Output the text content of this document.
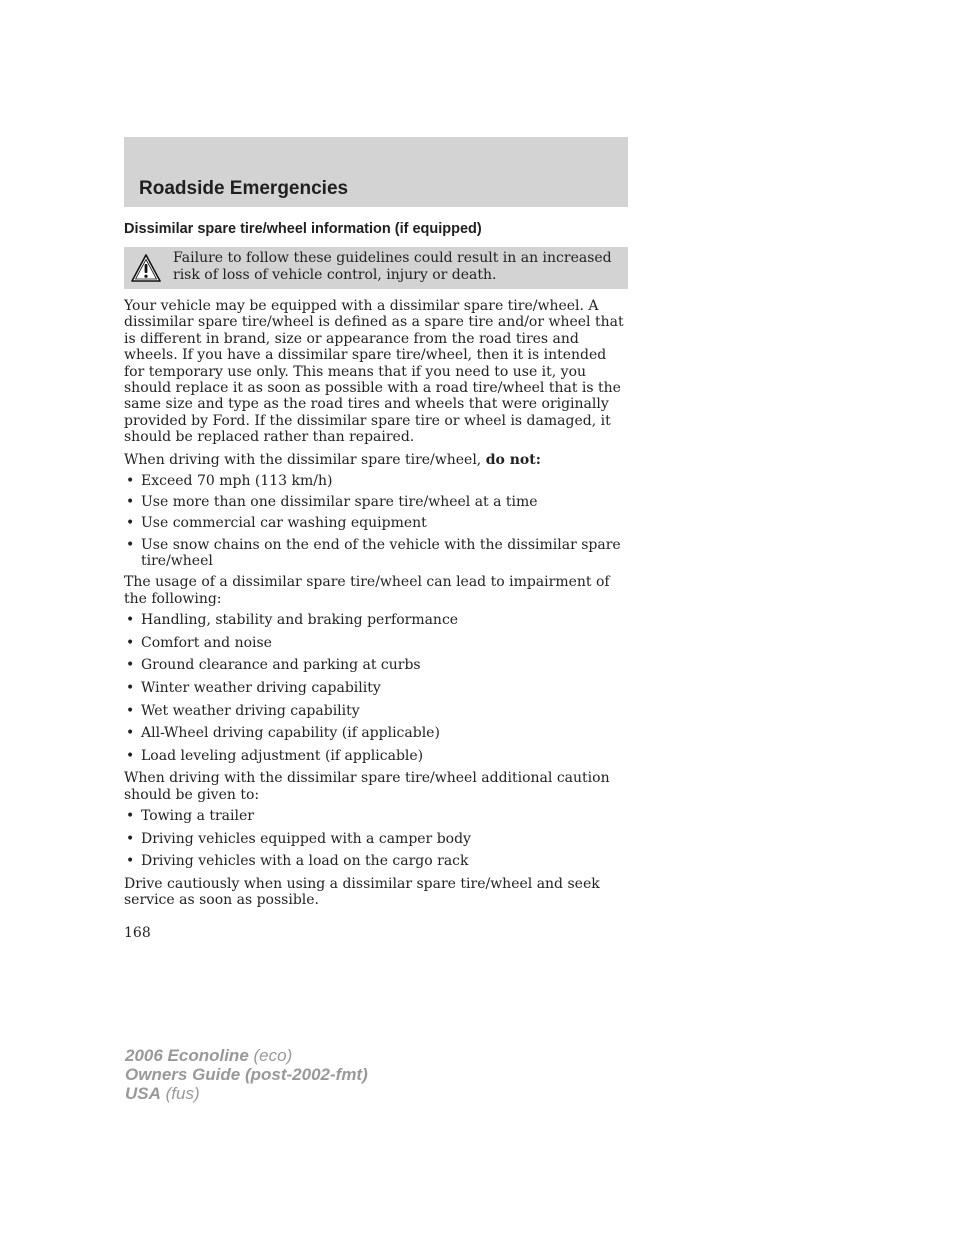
Roadside Emergencies
Dissimilar spare tire/wheel information (if equipped)
Failure to follow these guidelines could result in an increased
risk of loss of vehicle control, injury or death.

Your vehicle may be equipped with a dissimilar spare tire/wheel. A dissimilar spare tire/wheel is defined as a spare tire and/or wheel that is different in brand, size or appearance from the road tires and wheels. If you have a dissimilar spare tire/wheel, then it is intended for temporary use only. This means that if you need to use it, you should replace it as soon as possible with a road tire/wheel that is the same size and type as the road tires and wheels that were originally provided by Ford. If the dissimilar spare tire or wheel is damaged, it should be replaced rather than repaired.

When driving with the dissimilar spare tire/wheel, do not:

• Exceed 70 mph (113 km/h)
• Use more than one dissimilar spare tire/wheel at a time
• Use commercial car washing equipment
• Use snow chains on the end of the vehicle with the dissimilar spare tire/wheel

The usage of a dissimilar spare tire/wheel can lead to impairment of the following:

• Handling, stability and braking performance
• Comfort and noise
• Ground clearance and parking at curbs
• Winter weather driving capability
• Wet weather driving capability
• All-Wheel driving capability (if applicable)
• Load leveling adjustment (if applicable)

When driving with the dissimilar spare tire/wheel additional caution should be given to:

• Towing a trailer
• Driving vehicles equipped with a camper body
• Driving vehicles with a load on the cargo rack

Drive cautiously when using a dissimilar spare tire/wheel and seek service as soon as possible.

168
2006 Econoline (eco)
Owners Guide (post-2002-fmt)
USA (fus)
